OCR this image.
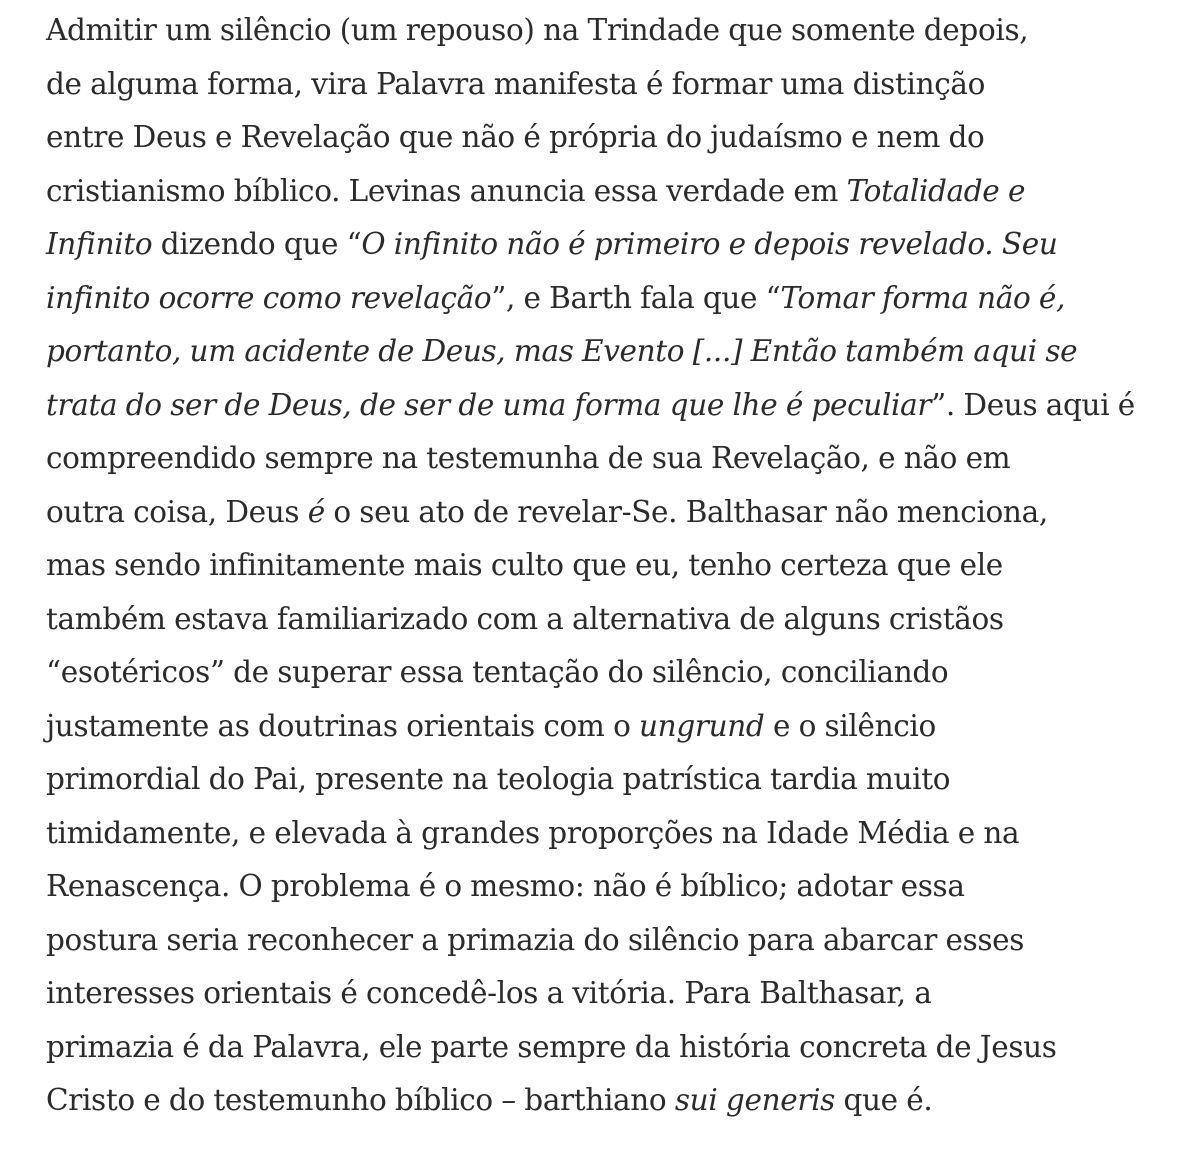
Admitir um silêncio (um repouso) na Trindade que somente depois,
de alguma forma, vira Palavra manifesta é formar uma distinção
entre Deus e Revelação que não é própria do judaísmo e nem do
cristianismo bíblico. Levinas anuncia essa verdade em Totalidade e
Infinito dizendo que “O infinito não é primeiro e depois revelado. Seu
infinito ocorre como revelação”, e Barth fala que “Tomar forma não é,
portanto, um acidente de Deus, mas Evento [...] Então também aqui se
trata do ser de Deus, de ser de uma forma que lhe é peculiar”. Deus aqui é
compreendido sempre na testemunha de sua Revelação, e não em
outra coisa, Deus é o seu ato de revelar-Se. Balthasar não menciona,
mas sendo infinitamente mais culto que eu, tenho certeza que ele
também estava familiarizado com a alternativa de alguns cristãos
“esotéricos” de superar essa tentação do silêncio, conciliando
justamente as doutrinas orientais com o ungrund e o silêncio
primordial do Pai, presente na teologia patrística tardia muito
timidamente, e elevada à grandes proporções na Idade Média e na
Renascença. O problema é o mesmo: não é bíblico; adotar essa
postura seria reconhecer a primazia do silêncio para abarcar esses
interesses orientais é concedê-los a vitória. Para Balthasar, a
primazia é da Palavra, ele parte sempre da história concreta de Jesus
Cristo e do testemunho bíblico – barthiano sui generis que é.
